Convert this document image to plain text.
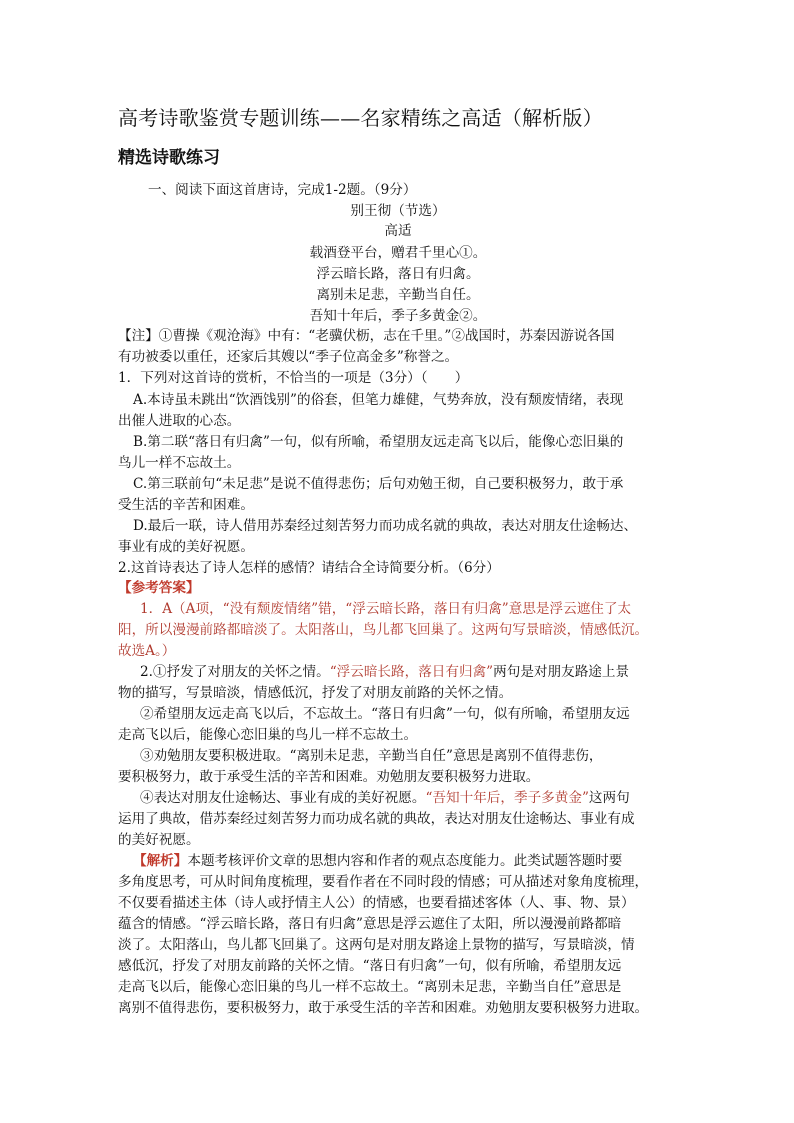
高考诗歌鉴赏专题训练——名家精练之高适（解析版）
精选诗歌练习
一、阅读下面这首唐诗，完成1-2题。（9分）
别王彻（节选）
高适
载酒登平台，赠君千里心①。
浮云暗长路，落日有归禽。
离别未足悲，辛勤当自任。
吾知十年后，季子多黄金②。
【注】①曹操《观沧海》中有：“老骥伏枥，志在千里。”②战国时，苏秦因游说各国
有功被委以重任，还家后其嫂以“季子位高金多”称誉之。
1．下列对这首诗的赏析，不恰当的一项是（3分）（　　）
A.本诗虽未跳出“饮酒饯别”的俗套，但笔力雄健，气势奔放，没有颓废情绪，表现
出催人进取的心态。
B.第二联“落日有归禽”一句，似有所喻，希望朋友远走高飞以后，能像心恋旧巢的
鸟儿一样不忘故土。
C.第三联前句“未足悲”是说不值得悲伤；后句劝勉王彻，自己要积极努力，敢于承
受生活的辛苦和困难。
D.最后一联，诗人借用苏秦经过刻苦努力而功成名就的典故，表达对朋友仕途畅达、
事业有成的美好祝愿。
2.这首诗表达了诗人怎样的感情？请结合全诗简要分析。（6分）
【参考答案】
1．A（A项，“没有颓废情绪”错，“浮云暗长路，落日有归禽”意思是浮云遮住了太
阳，所以漫漫前路都暗淡了。太阳落山，鸟儿都飞回巢了。这两句写景暗淡，情感低沉。
故选A。）
2.①抒发了对朋友的关怀之情。“浮云暗长路，落日有归禽”两句是对朋友路途上景
物的描写，写景暗淡，情感低沉，抒发了对朋友前路的关怀之情。
②希望朋友远走高飞以后，不忘故土。“落日有归禽”一句，似有所喻，希望朋友远
走高飞以后，能像心恋旧巢的鸟儿一样不忘故土。
③劝勉朋友要积极进取。“离别未足悲，辛勤当自任”意思是离别不值得悲伤，
要积极努力，敢于承受生活的辛苦和困难。劝勉朋友要积极努力进取。
④表达对朋友仕途畅达、事业有成的美好祝愿。“吾知十年后，季子多黄金”这两句
运用了典故，借苏秦经过刻苦努力而功成名就的典故，表达对朋友仕途畅达、事业有成
的美好祝愿。
【解析】本题考核评价文章的思想内容和作者的观点态度能力。此类试题答题时要
多角度思考，可从时间角度梳理，要看作者在不同时段的情感；可从描述对象角度梳理，
不仅要看描述主体（诗人或抒情主人公）的情感，也要看描述客体（人、事、物、景）
蕴含的情感。“浮云暗长路，落日有归禽”意思是浮云遮住了太阳，所以漫漫前路都暗
淡了。太阳落山，鸟儿都飞回巢了。这两句是对朋友路途上景物的描写，写景暗淡，情
感低沉，抒发了对朋友前路的关怀之情。“落日有归禽”一句，似有所喻，希望朋友远
走高飞以后，能像心恋旧巢的鸟儿一样不忘故土。“离别未足悲，辛勤当自任”意思是
离别不值得悲伤，要积极努力，敢于承受生活的辛苦和困难。劝勉朋友要积极努力进取。
